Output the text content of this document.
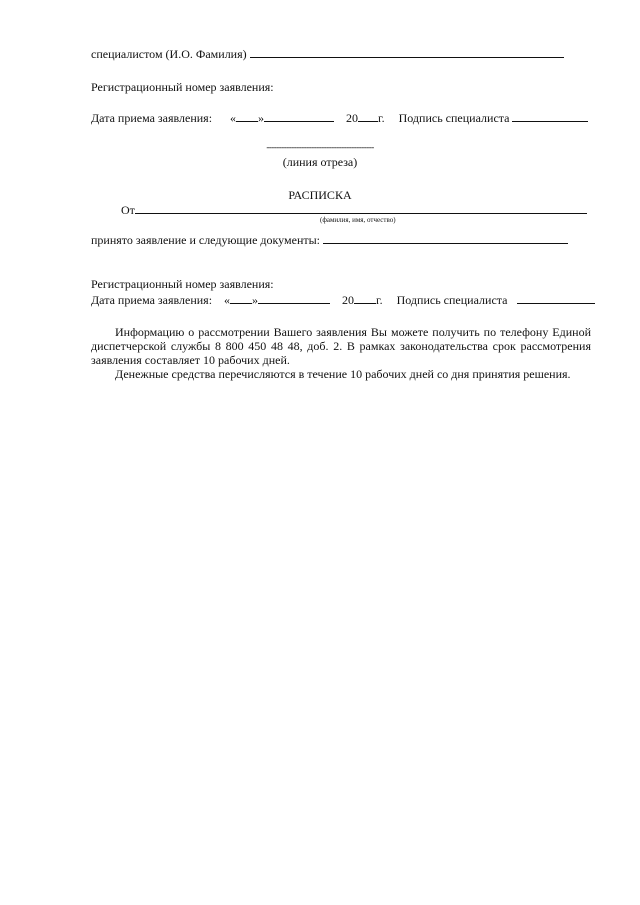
специалистом (И.О. Фамилия)
Регистрационный номер заявления:
Дата приема заявления: « »	20 г. Подпись специалиста
-------------------------------------------
(линия отреза)
РАСПИСКА
От
(фамилия, имя, отчество)
принято заявление и следующие документы:
Регистрационный номер заявления:
Дата приема заявления: « »	20 г. Подпись специалиста
Информацию о рассмотрении Вашего заявления Вы можете получить по телефону Единой диспетчерской службы 8 800 450 48 48, доб. 2. В рамках законодательства срок рассмотрения заявления составляет 10 рабочих дней.
Денежные средства перечисляются в течение 10 рабочих дней со дня принятия решения.
